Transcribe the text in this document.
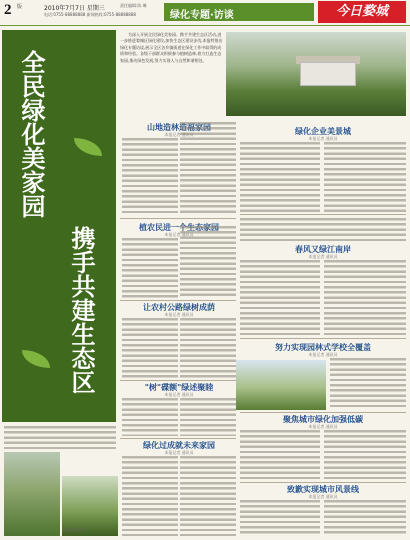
2 版	2010年7月7日 星期三	责任编辑:陈 琳
电话:0755-88888888 新闻热线:0755-88888888	绿化专题·访谈	今日婺城
全民绿化美家园
携手共建生态区

为深入开展全民绿化美家园、携手共建生态区活动,进一步推进婺城区绿化建设,加快生态区建设步伐,本报特推出绿化专题访谈,展示全区各乡镇街道在绿化工作中取得的成绩和经验。各级干部群众积极参与植树造林,着力打造生态家园,推动绿色发展,努力实现人与自然和谐相处。

山地造林造福家园
本报记者 通讯员	绿化企业美景城
本报记者 通讯员
植农民进一个生态家园
本报记者 通讯员
春风又绿江南岸
本报记者 通讯员
让农村公路绿树成荫
本报记者 通讯员
努力实现园林式学校全覆盖
本报记者 通讯员
"树"碟额"绿述聚睦
本报记者 通讯员
聚焦城市绿化加强低碳
本报记者 通讯员
村落绿化新貌
绿化过成就未来家园
本报记者 通讯员
致歉实现城市风景线
本报记者 通讯员
